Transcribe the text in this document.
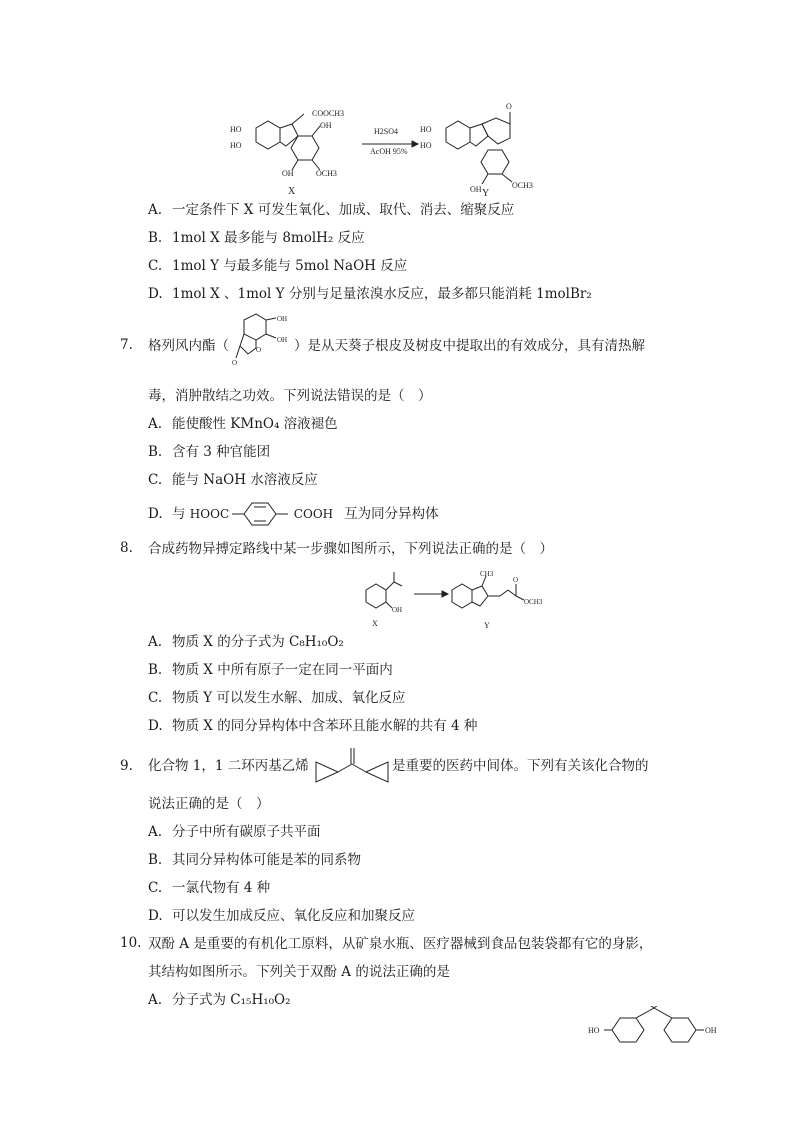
COOCH3
OH
HO
HO
OH	OCH3
H2SO4
AcOH 95%
O
HO
HO
OH	OCH3
X	Y
A. 一定条件下 X 可发生氧化、加成、取代、消去、缩聚反应
B. 1mol X 最多能与 8molH₂ 反应
C. 1mol Y 与最多能与 5mol NaOH 反应
D. 1mol X 、1mol Y 分别与足量浓溴水反应，最多都只能消耗 1molBr₂
7. 格列风内酯（
OH
OH
O
O
）是从天葵子根皮及树皮中提取出的有效成分，具有清热解
毒，消肿散结之功效。下列说法错误的是（　）
A. 能使酸性 KMnO₄ 溶液褪色
B. 含有 3 种官能团
C. 能与 NaOH 水溶液反应
D. 与 HOOC	COOH 互为同分异构体
8. 合成药物异搏定路线中某一步骤如图所示，下列说法正确的是（　）
OH
CH3
O
OCH3
X	Y
A. 物质 X 的分子式为 C₈H₁₀O₂
B. 物质 X 中所有原子一定在同一平面内
C. 物质 Y 可以发生水解、加成、氧化反应
D. 物质 X 的同分异构体中含苯环且能水解的共有 4 种
9. 化合物 1，1 二环丙基乙烯	是重要的医药中间体。下列有关该化合物的
说法正确的是（　）
A. 分子中所有碳原子共平面
B. 其同分异构体可能是苯的同系物
C. 一氯代物有 4 种
D. 可以发生加成反应、氧化反应和加聚反应
10. 双酚 A 是重要的有机化工原料，从矿泉水瓶、医疗器械到食品包装袋都有它的身影，
其结构如图所示。下列关于双酚 A 的说法正确的是
A. 分子式为 C₁₅H₁₀O₂
HO	OH
